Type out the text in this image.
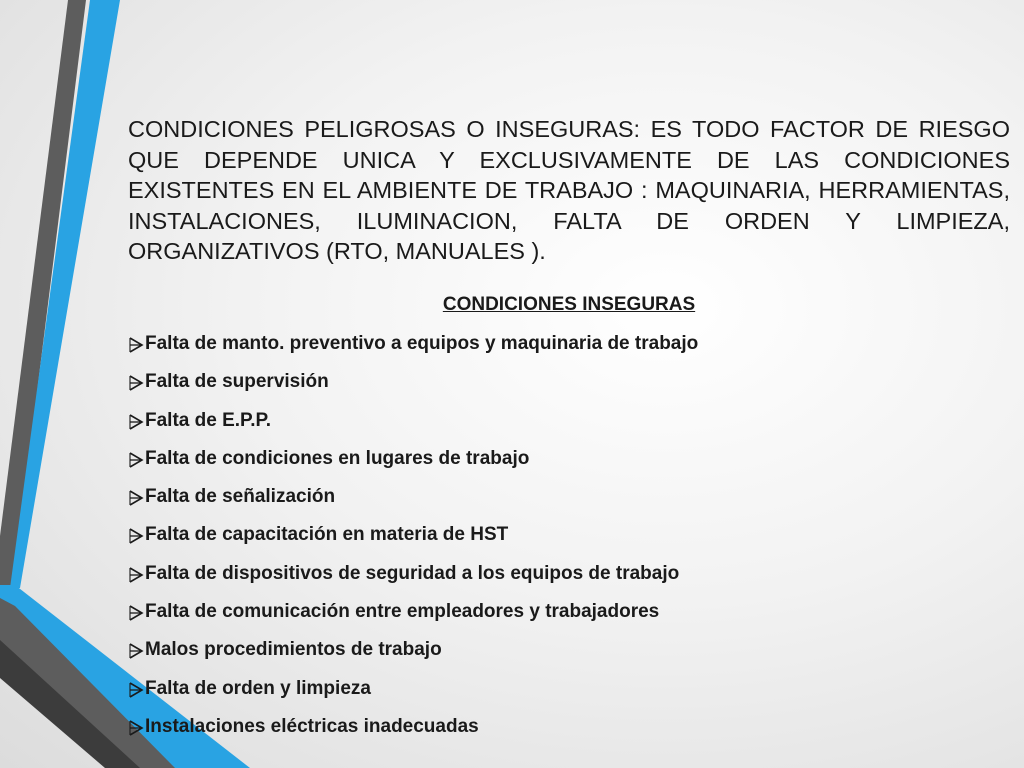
CONDICIONES PELIGROSAS O INSEGURAS: ES TODO FACTOR DE RIESGO QUE DEPENDE UNICA Y EXCLUSIVAMENTE DE LAS CONDICIONES EXISTENTES EN EL AMBIENTE DE TRABAJO : MAQUINARIA, HERRAMIENTAS, INSTALACIONES, ILUMINACION, FALTA DE ORDEN Y LIMPIEZA, ORGANIZATIVOS (RTO, MANUALES ).

CONDICIONES INSEGURAS

Falta de manto. preventivo a equipos y maquinaria de trabajo
Falta de supervisión
Falta de E.P.P.
Falta de condiciones en lugares de trabajo
Falta de señalización
Falta de capacitación en materia de HST
Falta de dispositivos de seguridad a los equipos de trabajo
Falta de comunicación entre empleadores y trabajadores
Malos procedimientos de trabajo
Falta de orden y limpieza
Instalaciones eléctricas inadecuadas
